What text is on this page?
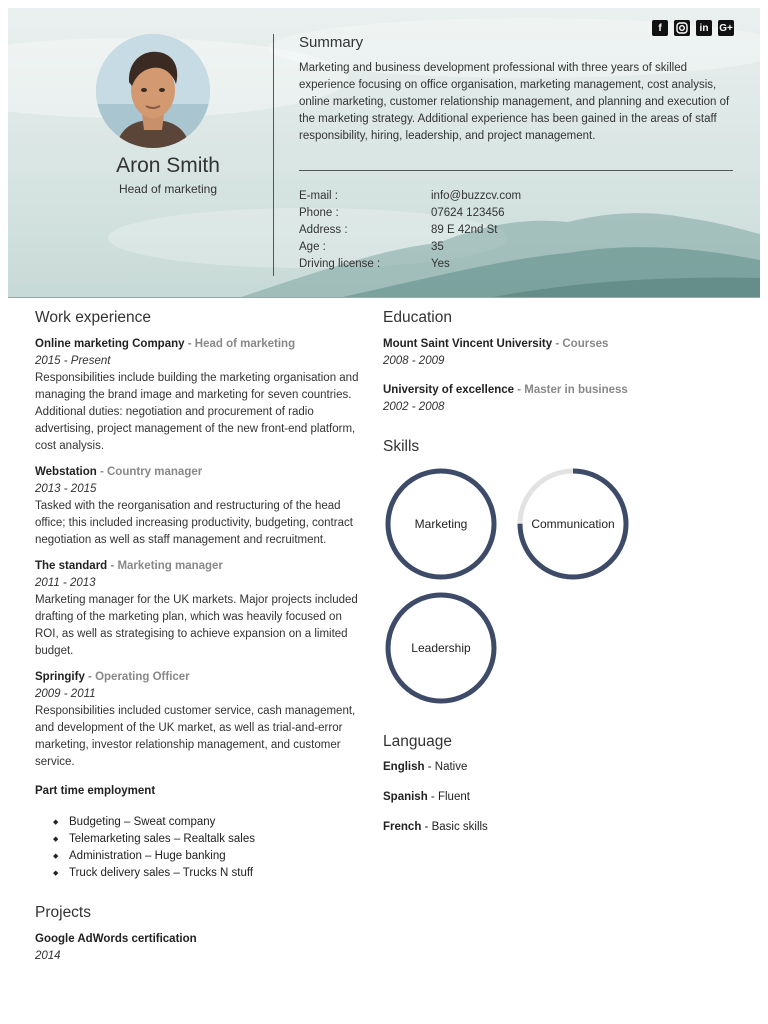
Aron Smith
Head of marketing
Summary
Marketing and business development professional with three years of skilled experience focusing on office organisation, marketing management, cost analysis, online marketing, customer relationship management, and planning and execution of the marketing strategy. Additional experience has been gained in the areas of staff responsibility, hiring, leadership, and project management.
E-mail :	info@buzzcv.com
Phone :	07624 123456
Address :	89 E 42nd St
Age :	35
Driving license :	Yes
f	in	G+
Work experience
Online marketing Company - Head of marketing
2015 - Present
Responsibilities include building the marketing organisation and managing the brand image and marketing for seven countries. Additional duties: negotiation and procurement of radio advertising, project management of the new front-end platform, cost analysis.
Webstation - Country manager
2013 - 2015
Tasked with the reorganisation and restructuring of the head office; this included increasing productivity, budgeting, contract negotiation as well as staff management and recruitment.
The standard - Marketing manager
2011 - 2013
Marketing manager for the UK markets. Major projects included drafting of the marketing plan, which was heavily focused on ROI, as well as strategising to achieve expansion on a limited budget.
Springify - Operating Officer
2009 - 2011
Responsibilities included customer service, cash management, and development of the UK market, as well as trial-and-error marketing, investor relationship management, and customer service.
Part time employment
◆ Budgeting – Sweat company
◆ Telemarketing sales – Realtalk sales
◆ Administration – Huge banking
◆ Truck delivery sales – Trucks N stuff
Projects
Google AdWords certification
2014
Education
Mount Saint Vincent University - Courses
2008 - 2009
University of excellence - Master in business
2002 - 2008
Skills
Marketing	Communication
Leadership
Language
English - Native
Spanish - Fluent
French - Basic skills
